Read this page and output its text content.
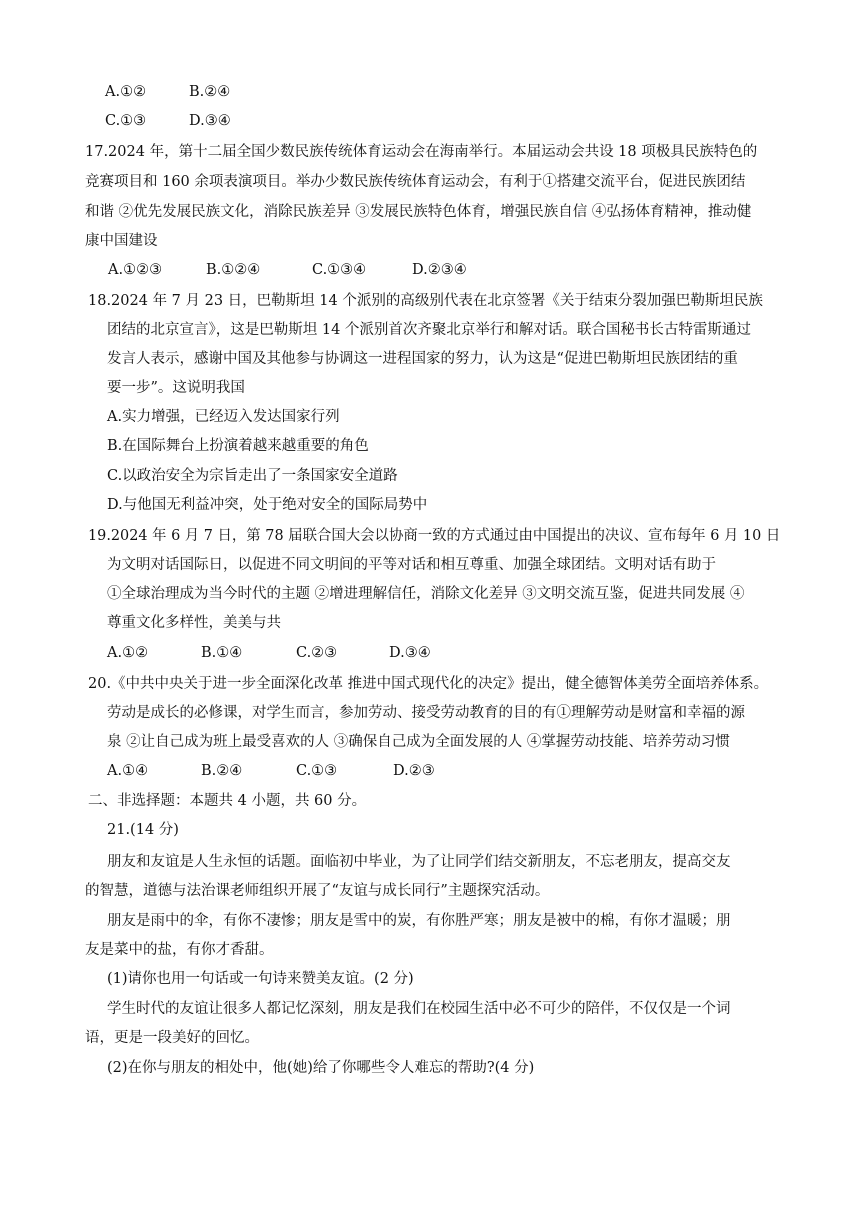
A.①②	B.②④
C.①③	D.③④
17.2024 年，第十二届全国少数民族传统体育运动会在海南举行。本届运动会共设 18 项极具民族特色的
竞赛项目和 160 余项表演项目。举办少数民族传统体育运动会，有利于①搭建交流平台，促进民族团结
和谐 ②优先发展民族文化，消除民族差异 ③发展民族特色体育，增强民族自信 ④弘扬体育精神，推动健
康中国建设
A.①②③	B.①②④	C.①③④	D.②③④
18.2024 年 7 月 23 日，巴勒斯坦 14 个派别的高级别代表在北京签署《关于结束分裂加强巴勒斯坦民族
团结的北京宣言》，这是巴勒斯坦 14 个派别首次齐聚北京举行和解对话。联合国秘书长古特雷斯通过
发言人表示，感谢中国及其他参与协调这一进程国家的努力，认为这是“促进巴勒斯坦民族团结的重
要一步”。这说明我国
A.实力增强，已经迈入发达国家行列
B.在国际舞台上扮演着越来越重要的角色
C.以政治安全为宗旨走出了一条国家安全道路
D.与他国无利益冲突，处于绝对安全的国际局势中
19.2024 年 6 月 7 日，第 78 届联合国大会以协商一致的方式通过由中国提出的决议、宣布每年 6 月 10 日
为文明对话国际日，以促进不同文明间的平等对话和相互尊重、加强全球团结。文明对话有助于
①全球治理成为当今时代的主题 ②增进理解信任，消除文化差异 ③文明交流互鉴，促进共同发展 ④
尊重文化多样性，美美与共
A.①②	B.①④	C.②③	D.③④
20.《中共中央关于进一步全面深化改革 推进中国式现代化的决定》提出，健全德智体美劳全面培养体系。
劳动是成长的必修课，对学生而言，参加劳动、接受劳动教育的目的有①理解劳动是财富和幸福的源
泉 ②让自己成为班上最受喜欢的人 ③确保自己成为全面发展的人 ④掌握劳动技能、培养劳动习惯
A.①④	B.②④	C.①③	D.②③
二、非选择题：本题共 4 小题，共 60 分。
21.(14 分)
朋友和友谊是人生永恒的话题。面临初中毕业，为了让同学们结交新朋友，不忘老朋友，提高交友
的智慧，道德与法治课老师组织开展了“友谊与成长同行”主题探究活动。
朋友是雨中的伞，有你不凄惨；朋友是雪中的炭，有你胜严寒；朋友是被中的棉，有你才温暖；朋
友是菜中的盐，有你才香甜。
(1)请你也用一句话或一句诗来赞美友谊。(2 分)
学生时代的友谊让很多人都记忆深刻，朋友是我们在校园生活中必不可少的陪伴，不仅仅是一个词
语，更是一段美好的回忆。
(2)在你与朋友的相处中，他(她)给了你哪些令人难忘的帮助?(4 分)
